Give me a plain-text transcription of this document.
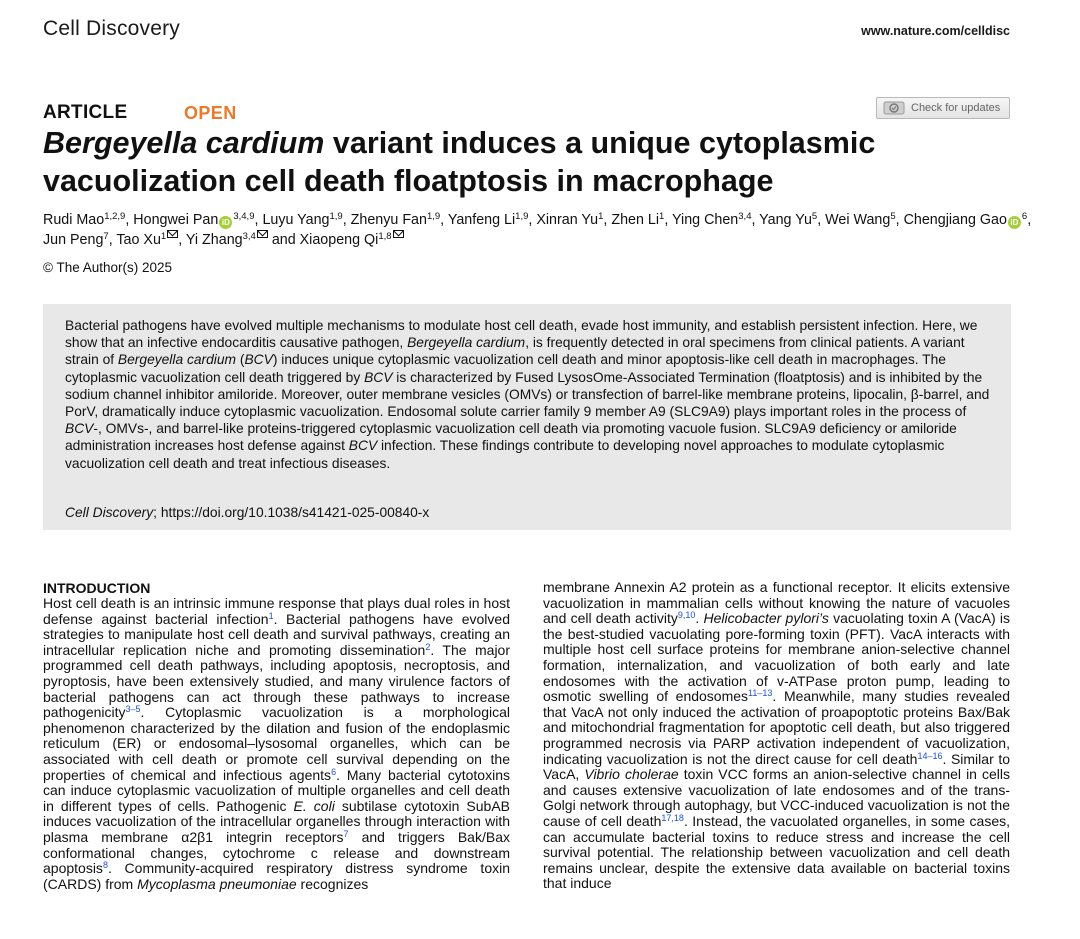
Cell Discovery	www.nature.com/celldisc
ARTICLE	OPEN	Check for updates
Bergeyella cardium variant induces a unique cytoplasmic vacuolization cell death floatptosis in macrophage
Rudi Mao$^{1,2,9}$, Hongwei Pan iD$^{3,4,9}$, Luyu Yang$^{1,9}$, Zhenyu Fan$^{1,9}$, Yanfeng Li$^{1,9}$, Xinran Yu$^1$, Zhen Li$^1$, Ying Chen$^{3,4}$, Yang Yu$^5$, Wei Wang$^5$, Chengjiang Gao $iD^6$, Jun Peng$^7$, Tao Xu$^1$ , Yi Zhang$^{3,4}$ and Xiaopeng Qi$^{1,8}$
© The Author(s) 2025

Bacterial pathogens have evolved multiple mechanisms to modulate host cell death, evade host immunity, and establish persistent infection. Here, we show that an infective endocarditis causative pathogen, Bergeyella cardium, is frequently detected in oral specimens from clinical patients. A variant strain of Bergeyella cardium (BCV) induces unique cytoplasmic vacuolization cell death and minor apoptosis-like cell death in macrophages. The cytoplasmic vacuolization cell death triggered by BCV is characterized by Fused LysosOme-Associated Termination (floatptosis) and is inhibited by the sodium channel inhibitor amiloride. Moreover, outer membrane vesicles (OMVs) or transfection of barrel-like membrane proteins, lipocalin, β-barrel, and PorV, dramatically induce cytoplasmic vacuolization. Endosomal solute carrier family 9 member A9 (SLC9A9) plays important roles in the process of BCV-, OMVs-, and barrel-like proteins-triggered cytoplasmic vacuolization cell death via promoting vacuole fusion. SLC9A9 deficiency or amiloride administration increases host defense against BCV infection. These findings contribute to developing novel approaches to modulate cytoplasmic vacuolization cell death and treat infectious diseases.

Cell Discovery; https://doi.org/10.1038/s41421-025-00840-x

INTRODUCTION

Host cell death is an intrinsic immune response that plays dual roles in host defense against bacterial infection$^1$. Bacterial pathogens have evolved strategies to manipulate host cell death and survival pathways, creating an intracellular replication niche and promoting dissemination$^2$. The major programmed cell death pathways, including apoptosis, necroptosis, and pyroptosis, have been extensively studied, and many virulence factors of bacterial pathogens can act through these pathways to increase pathogenicity$^{3-5}$. Cytoplasmic vacuolization is a morphological phenomenon characterized by the dilation and fusion of the endoplasmic reticulum (ER) or endosomal–lysosomal organelles, which can be associated with cell death or promote cell survival depending on the properties of chemical and infectious agents$^6$. Many bacterial cytotoxins can induce cytoplasmic vacuolization of multiple organelles and cell death in different types of cells. Pathogenic E. coli subtilase cytotoxin SubAB induces vacuolization of the intracellular organelles through interaction with plasma membrane α2β1 integrin receptors$^7$ and triggers Bak/Bax conformational changes, cytochrome c release and downstream apoptosis$^8$. Community-acquired respiratory distress syndrome toxin (CARDS) from Mycoplasma pneumoniae recognizes

membrane Annexin A2 protein as a functional receptor. It elicits extensive vacuolization in mammalian cells without knowing the nature of vacuoles and cell death activity$^{9,10}$. Helicobacter pylori’s vacuolating toxin A (VacA) is the best-studied vacuolating pore-forming toxin (PFT). VacA interacts with multiple host cell surface proteins for membrane anion-selective channel formation, internalization, and vacuolization of both early and late endosomes with the activation of v-ATPase proton pump, leading to osmotic swelling of endosomes$^{11-13}$. Meanwhile, many studies revealed that VacA not only induced the activation of proapoptotic proteins Bax/Bak and mitochondrial fragmentation for apoptotic cell death, but also triggered programmed necrosis via PARP activation independent of vacuolization, indicating vacuolization is not the direct cause for cell death$^{14-16}$. Similar to VacA, Vibrio cholerae toxin VCC forms an anion-selective channel in cells and causes extensive vacuolization of late endosomes and of the trans-Golgi network through autophagy, but VCC-induced vacuolization is not the cause of cell death$^{17,18}$. Instead, the vacuolated organelles, in some cases, can accumulate bacterial toxins to reduce stress and increase the cell survival potential. The relationship between vacuolization and cell death remains unclear, despite the extensive data available on bacterial toxins that induce
